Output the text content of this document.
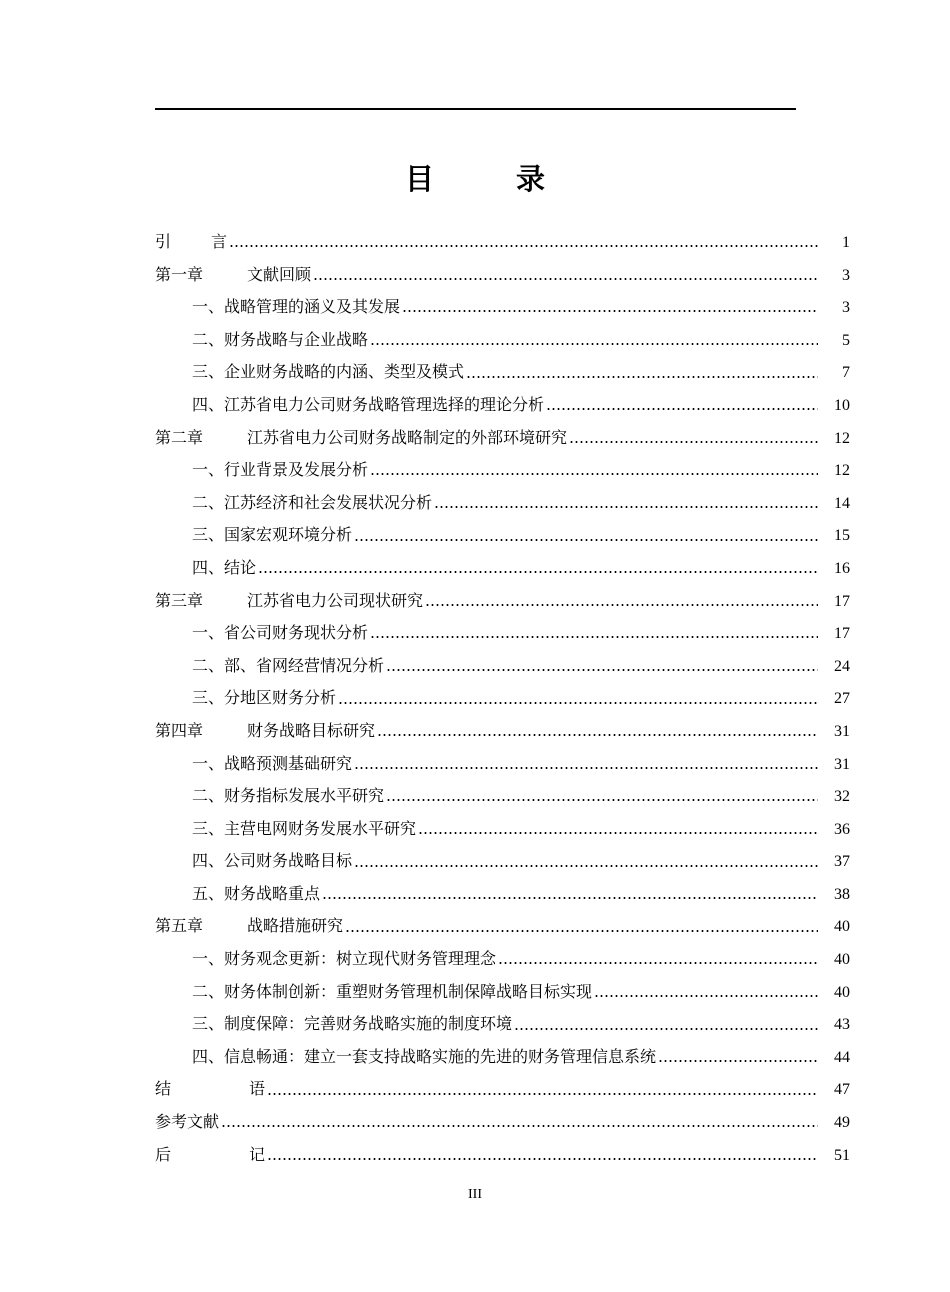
目 录
引　言	1
第一章	文献回顾	3
一、战略管理的涵义及其发展	3
二、财务战略与企业战略	5
三、企业财务战略的内涵、类型及模式	7
四、江苏省电力公司财务战略管理选择的理论分析	10
第二章	江苏省电力公司财务战略制定的外部环境研究	12
一、行业背景及发展分析	12
二、江苏经济和社会发展状况分析	14
三、国家宏观环境分析	15
四、结论	16
第三章	江苏省电力公司现状研究	17
一、省公司财务现状分析	17
二、部、省网经营情况分析	24
三、分地区财务分析	27
第四章	财务战略目标研究	31
一、战略预测基础研究	31
二、财务指标发展水平研究	32
三、主营电网财务发展水平研究	36
四、公司财务战略目标	37
五、财务战略重点	38
第五章	战略措施研究	40
一、财务观念更新：树立现代财务管理理念	40
二、财务体制创新：重塑财务管理机制保障战略目标实现	40
三、制度保障：完善财务战略实施的制度环境	43
四、信息畅通：建立一套支持战略实施的先进的财务管理信息系统	44
结　语	47
参考文献	49
后　记	51
III
